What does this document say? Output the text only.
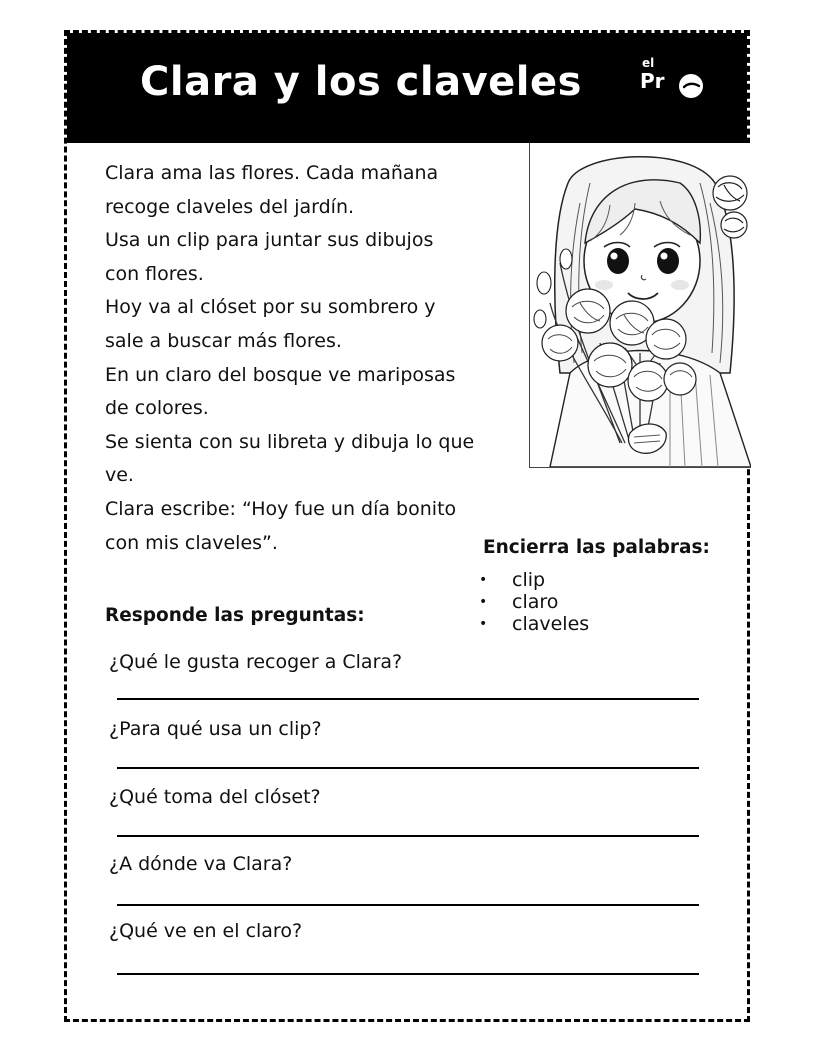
Clara y los claveles	el
Pr

Clara ama las flores. Cada mañana

recoge claveles del jardín.

Usa un clip para juntar sus dibujos

con flores.

Hoy va al clóset por su sombrero y

sale a buscar más flores.

En un claro del bosque ve mariposas

de colores.

Se sienta con su libreta y dibuja lo que

ve.

Clara escribe: “Hoy fue un día bonito

con mis claveles”.	Encierra las palabras:
• clip
• claro
• claveles
Responde las preguntas:
¿Qué le gusta recoger a Clara?
¿Para qué usa un clip?
¿Qué toma del clóset?
¿A dónde va Clara?
¿Qué ve en el claro?
